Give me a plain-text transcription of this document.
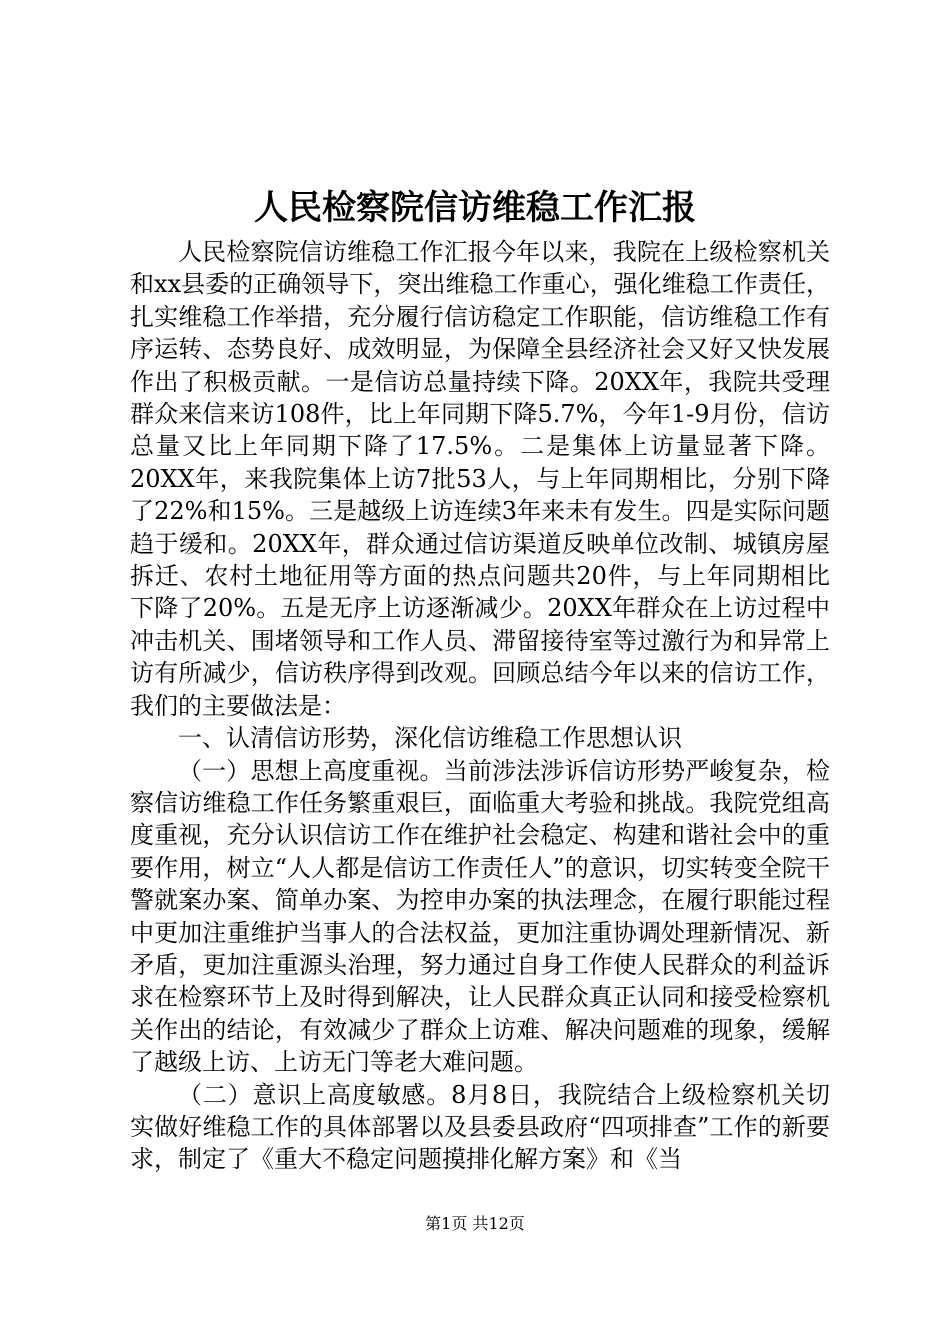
人民检察院信访维稳工作汇报

人民检察院信访维稳工作汇报今年以来，我院在上级检察机关和xx县委的正确领导下，突出维稳工作重心，强化维稳工作责任，扎实维稳工作举措，充分履行信访稳定工作职能，信访维稳工作有序运转、态势良好、成效明显，为保障全县经济社会又好又快发展作出了积极贡献。一是信访总量持续下降。20XX年，我院共受理群众来信来访108件，比上年同期下降5.7%，今年1-9月份，信访总量又比上年同期下降了17.5%。二是集体上访量显著下降。20XX年，来我院集体上访7批53人，与上年同期相比，分别下降了22%和15%。三是越级上访连续3年来未有发生。四是实际问题趋于缓和。20XX年，群众通过信访渠道反映单位改制、城镇房屋拆迁、农村土地征用等方面的热点问题共20件，与上年同期相比下降了20%。五是无序上访逐渐减少。20XX年群众在上访过程中冲击机关、围堵领导和工作人员、滞留接待室等过激行为和异常上访有所减少，信访秩序得到改观。回顾总结今年以来的信访工作，我们的主要做法是：

一、认清信访形势，深化信访维稳工作思想认识

（一）思想上高度重视。当前涉法涉诉信访形势严峻复杂，检察信访维稳工作任务繁重艰巨，面临重大考验和挑战。我院党组高度重视，充分认识信访工作在维护社会稳定、构建和谐社会中的重要作用，树立“人人都是信访工作责任人”的意识，切实转变全院干警就案办案、简单办案、为控申办案的执法理念，在履行职能过程中更加注重维护当事人的合法权益，更加注重协调处理新情况、新矛盾，更加注重源头治理，努力通过自身工作使人民群众的利益诉求在检察环节上及时得到解决，让人民群众真正认同和接受检察机关作出的结论，有效减少了群众上访难、解决问题难的现象，缓解了越级上访、上访无门等老大难问题。

（二）意识上高度敏感。8月8日，我院结合上级检察机关切实做好维稳工作的具体部署以及县委县政府“四项排查”工作的新要求，制定了《重大不稳定问题摸排化解方案》和《当

第1页 共12页
